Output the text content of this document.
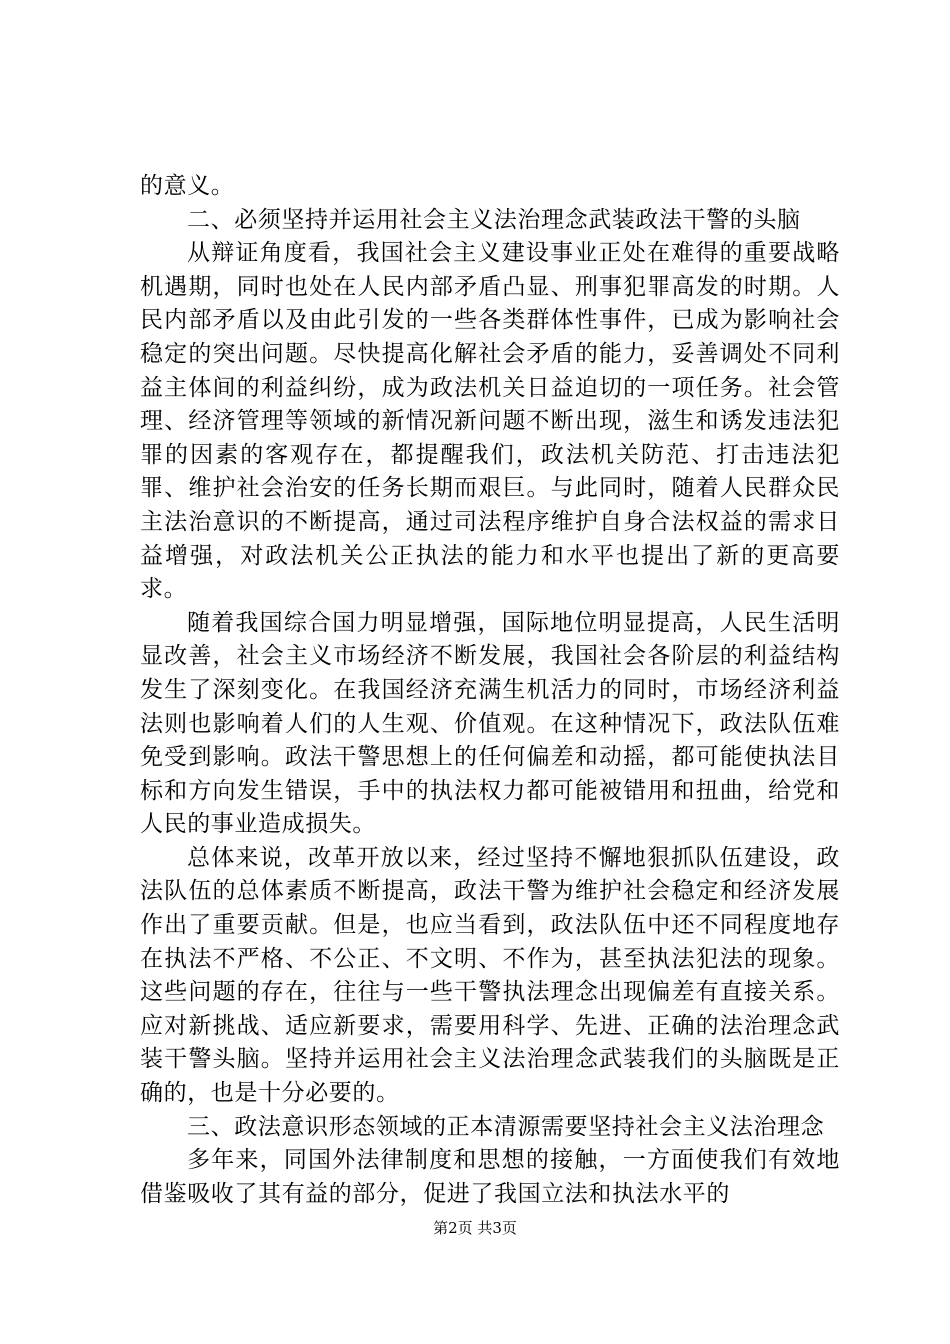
的意义。

二、必须坚持并运用社会主义法治理念武装政法干警的头脑

从辩证角度看，我国社会主义建设事业正处在难得的重要战略机遇期，同时也处在人民内部矛盾凸显、刑事犯罪高发的时期。人民内部矛盾以及由此引发的一些各类群体性事件，已成为影响社会稳定的突出问题。尽快提高化解社会矛盾的能力，妥善调处不同利益主体间的利益纠纷，成为政法机关日益迫切的一项任务。社会管理、经济管理等领域的新情况新问题不断出现，滋生和诱发违法犯罪的因素的客观存在，都提醒我们，政法机关防范、打击违法犯罪、维护社会治安的任务长期而艰巨。与此同时，随着人民群众民主法治意识的不断提高，通过司法程序维护自身合法权益的需求日益增强，对政法机关公正执法的能力和水平也提出了新的更高要求。

随着我国综合国力明显增强，国际地位明显提高，人民生活明显改善，社会主义市场经济不断发展，我国社会各阶层的利益结构发生了深刻变化。在我国经济充满生机活力的同时，市场经济利益法则也影响着人们的人生观、价值观。在这种情况下，政法队伍难免受到影响。政法干警思想上的任何偏差和动摇，都可能使执法目标和方向发生错误，手中的执法权力都可能被错用和扭曲，给党和人民的事业造成损失。

总体来说，改革开放以来，经过坚持不懈地狠抓队伍建设，政法队伍的总体素质不断提高，政法干警为维护社会稳定和经济发展作出了重要贡献。但是，也应当看到，政法队伍中还不同程度地存在执法不严格、不公正、不文明、不作为，甚至执法犯法的现象。这些问题的存在，往往与一些干警执法理念出现偏差有直接关系。应对新挑战、适应新要求，需要用科学、先进、正确的法治理念武装干警头脑。坚持并运用社会主义法治理念武装我们的头脑既是正确的，也是十分必要的。

三、政法意识形态领域的正本清源需要坚持社会主义法治理念

多年来，同国外法律制度和思想的接触，一方面使我们有效地借鉴吸收了其有益的部分，促进了我国立法和执法水平的

第2页 共3页
